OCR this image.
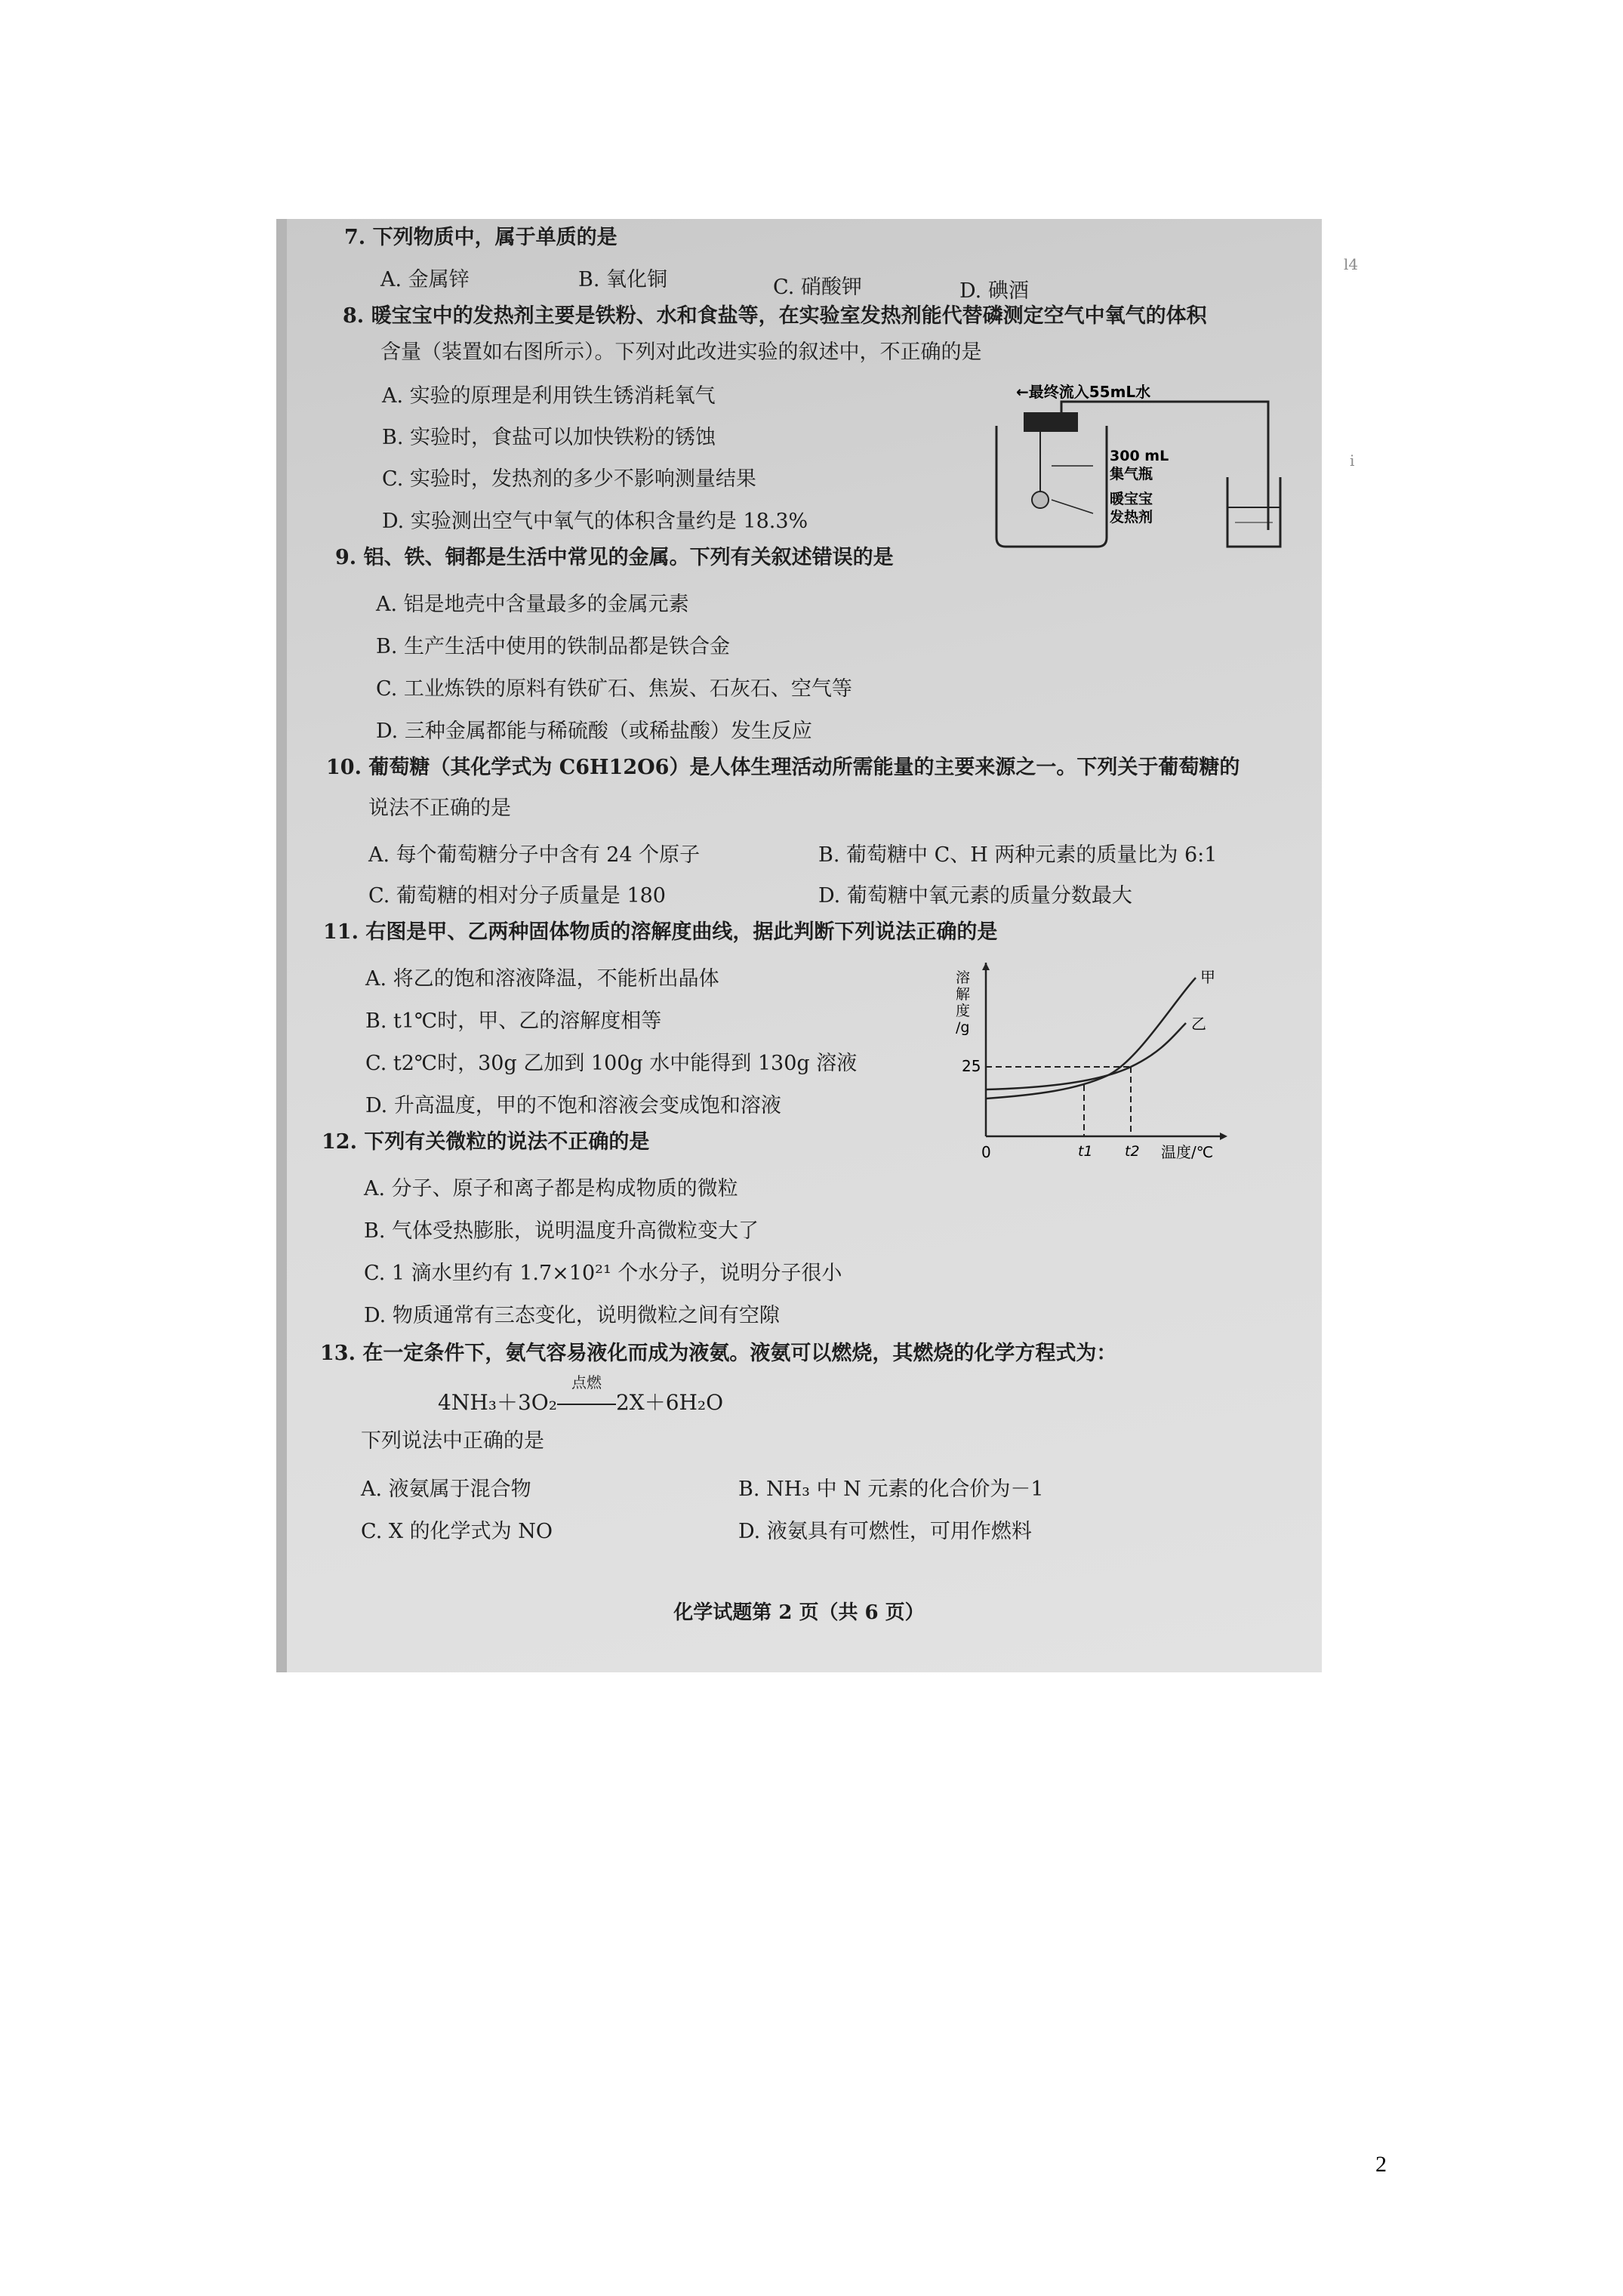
7. 下列物质中，属于单质的是
A. 金属锌	B. 氧化铜	C. 硝酸钾	D. 碘酒
8. 暖宝宝中的发热剂主要是铁粉、水和食盐等，在实验室发热剂能代替磷测定空气中氧气的体积
含量（装置如右图所示）。下列对此改进实验的叙述中，不正确的是
A. 实验的原理是利用铁生锈消耗氧气
B. 实验时，食盐可以加快铁粉的锈蚀
C. 实验时，发热剂的多少不影响测量结果
D. 实验测出空气中氧气的体积含量约是 18.3%
←最终流入55mL水
300 mL
集气瓶
暖宝宝
发热剂
9. 铝、铁、铜都是生活中常见的金属。下列有关叙述错误的是
A. 铝是地壳中含量最多的金属元素
B. 生产生活中使用的铁制品都是铁合金
C. 工业炼铁的原料有铁矿石、焦炭、石灰石、空气等
D. 三种金属都能与稀硫酸（或稀盐酸）发生反应
10. 葡萄糖（其化学式为 C6H12O6）是人体生理活动所需能量的主要来源之一。下列关于葡萄糖的
说法不正确的是
A. 每个葡萄糖分子中含有 24 个原子	B. 葡萄糖中 C、H 两种元素的质量比为 6:1
C. 葡萄糖的相对分子质量是 180	D. 葡萄糖中氧元素的质量分数最大
11. 右图是甲、乙两种固体物质的溶解度曲线，据此判断下列说法正确的是
A. 将乙的饱和溶液降温，不能析出晶体
B. t1℃时，甲、乙的溶解度相等
C. t2℃时，30g 乙加到 100g 水中能得到 130g 溶液
D. 升高温度，甲的不饱和溶液会变成饱和溶液
溶
解
度
/g
25
甲
乙
0	t1 t2 温度/℃
12. 下列有关微粒的说法不正确的是
A. 分子、原子和离子都是构成物质的微粒
B. 气体受热膨胀，说明温度升高微粒变大了
C. 1 滴水里约有 1.7×10²¹ 个水分子，说明分子很小
D. 物质通常有三态变化，说明微粒之间有空隙
13. 在一定条件下，氨气容易液化而成为液氨。液氨可以燃烧，其燃烧的化学方程式为：
4NH₃＋3O₂
点燃
2X＋6H₂O
下列说法中正确的是
A. 液氨属于混合物	B. NH₃ 中 N 元素的化合价为－1
C. X 的化学式为 NO	D. 液氨具有可燃性，可用作燃料
化学试题第 2 页（共 6 页）
l4
i
2
